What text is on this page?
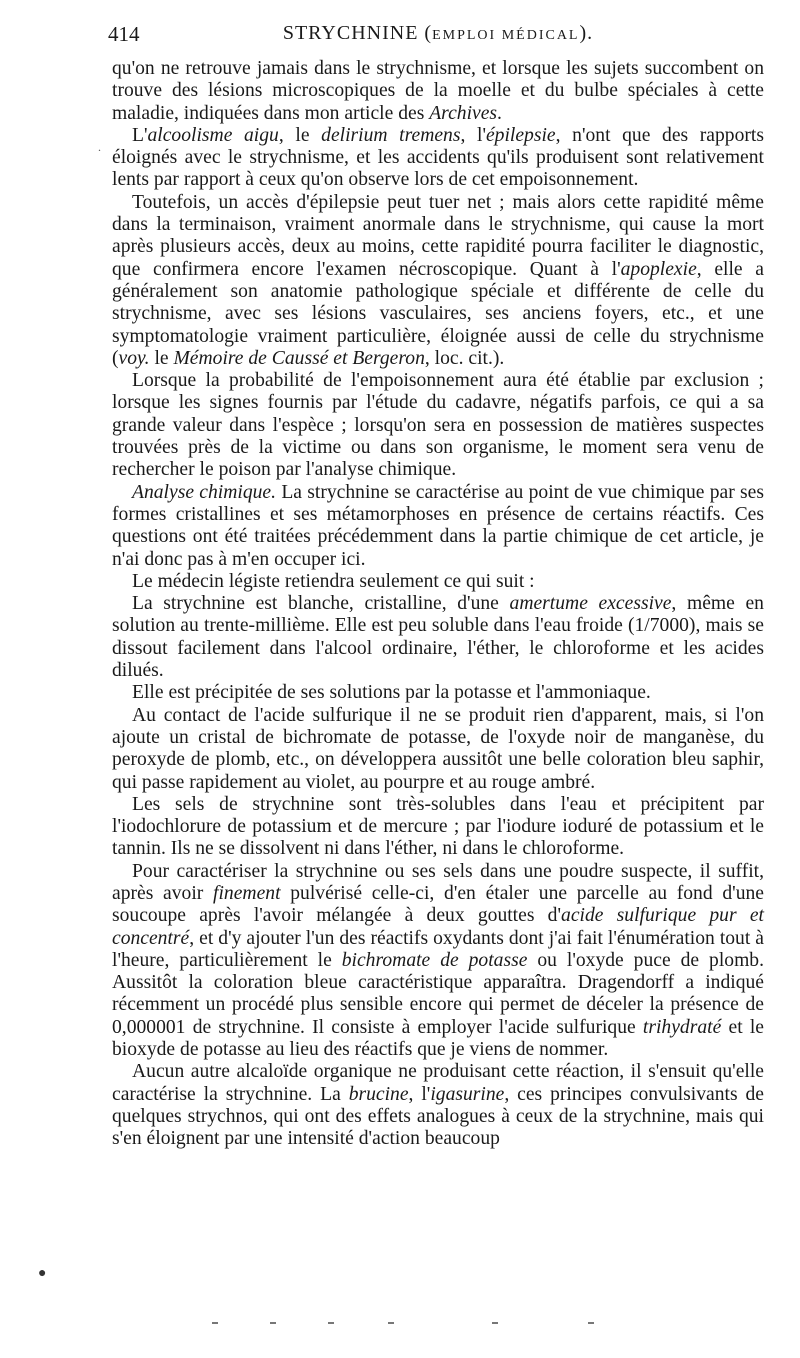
414	STRYCHNINE (EMPLOI MÉDICAL).
.

qu'on ne retrouve jamais dans le strychnisme, et lorsque les sujets succombent on trouve des lésions microscopiques de la moelle et du bulbe spéciales à cette maladie, indiquées dans mon article des Archives.

L'alcoolisme aigu, le delirium tremens, l'épilepsie, n'ont que des rapports éloignés avec le strychnisme, et les accidents qu'ils produisent sont relativement lents par rapport à ceux qu'on observe lors de cet empoisonnement.

Toutefois, un accès d'épilepsie peut tuer net ; mais alors cette rapidité même dans la terminaison, vraiment anormale dans le strychnisme, qui cause la mort après plusieurs accès, deux au moins, cette rapidité pourra faciliter le diagnostic, que confirmera encore l'examen nécroscopique. Quant à l'apoplexie, elle a généralement son anatomie pathologique spéciale et différente de celle du strychnisme, avec ses lésions vasculaires, ses anciens foyers, etc., et une symptomatologie vraiment particulière, éloignée aussi de celle du strychnisme (voy. le Mémoire de Caussé et Bergeron, loc. cit.).

Lorsque la probabilité de l'empoisonnement aura été établie par exclusion ; lorsque les signes fournis par l'étude du cadavre, négatifs parfois, ce qui a sa grande valeur dans l'espèce ; lorsqu'on sera en possession de matières suspectes trouvées près de la victime ou dans son organisme, le moment sera venu de rechercher le poison par l'analyse chimique.

Analyse chimique. La strychnine se caractérise au point de vue chimique par ses formes cristallines et ses métamorphoses en présence de certains réactifs. Ces questions ont été traitées précédemment dans la partie chimique de cet article, je n'ai donc pas à m'en occuper ici.

Le médecin légiste retiendra seulement ce qui suit :

La strychnine est blanche, cristalline, d'une amertume excessive, même en solution au trente-millième. Elle est peu soluble dans l'eau froide (1/7000), mais se dissout facilement dans l'alcool ordinaire, l'éther, le chloroforme et les acides dilués.

Elle est précipitée de ses solutions par la potasse et l'ammoniaque.

Au contact de l'acide sulfurique il ne se produit rien d'apparent, mais, si l'on ajoute un cristal de bichromate de potasse, de l'oxyde noir de manganèse, du peroxyde de plomb, etc., on développera aussitôt une belle coloration bleu saphir, qui passe rapidement au violet, au pourpre et au rouge ambré.

Les sels de strychnine sont très-solubles dans l'eau et précipitent par l'iodochlorure de potassium et de mercure ; par l'iodure ioduré de potassium et le tannin. Ils ne se dissolvent ni dans l'éther, ni dans le chloroforme.

Pour caractériser la strychnine ou ses sels dans une poudre suspecte, il suffit, après avoir finement pulvérisé celle-ci, d'en étaler une parcelle au fond d'une soucoupe après l'avoir mélangée à deux gouttes d'acide sulfurique pur et concentré, et d'y ajouter l'un des réactifs oxydants dont j'ai fait l'énumération tout à l'heure, particulièrement le bichromate de potasse ou l'oxyde puce de plomb. Aussitôt la coloration bleue caractéristique apparaîtra. Dragendorff a indiqué récemment un procédé plus sensible encore qui permet de déceler la présence de 0,000001 de strychnine. Il consiste à employer l'acide sulfurique trihydraté et le bioxyde de potasse au lieu des réactifs que je viens de nommer.

Aucun autre alcaloïde organique ne produisant cette réaction, il s'ensuit qu'elle caractérise la strychnine. La brucine, l'igasurine, ces principes convulsivants de quelques strychnos, qui ont des effets analogues à ceux de la strychnine, mais qui s'en éloignent par une intensité d'action beaucoup

●
